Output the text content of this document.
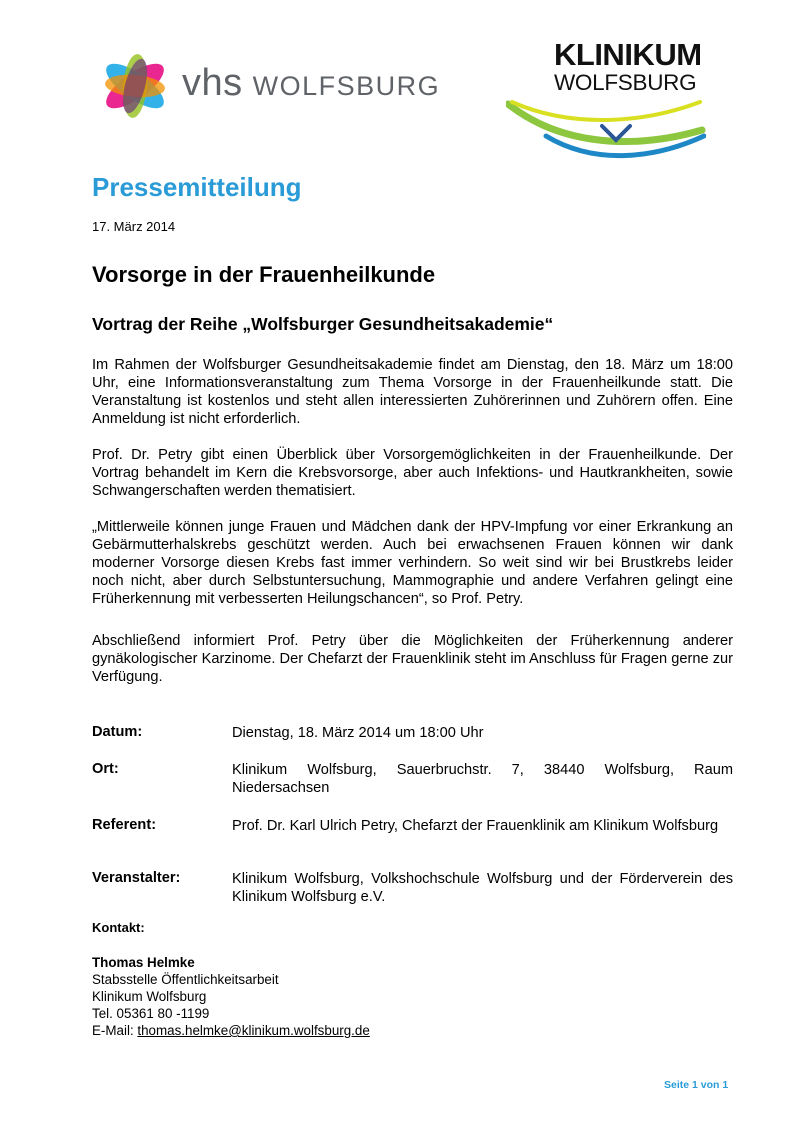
vhs WOLFSBURG
KLINIKUM
WOLFSBURG
Pressemitteilung
17. März 2014
Vorsorge in der Frauenheilkunde
Vortrag der Reihe „Wolfsburger Gesundheitsakademie“
Im Rahmen der Wolfsburger Gesundheitsakademie findet am Dienstag, den 18. März um 18:00 Uhr, eine Informationsveranstaltung zum Thema Vorsorge in der Frauenheilkunde statt. Die Veranstaltung ist kostenlos und steht allen interessierten Zuhörerinnen und Zuhörern offen. Eine Anmeldung ist nicht erforderlich.
Prof. Dr. Petry gibt einen Überblick über Vorsorgemöglichkeiten in der Frauenheilkunde. Der Vortrag behandelt im Kern die Krebsvorsorge, aber auch Infektions- und Hautkrankheiten, sowie Schwangerschaften werden thematisiert.
„Mittlerweile können junge Frauen und Mädchen dank der HPV-Impfung vor einer Erkrankung an Gebärmutterhalskrebs geschützt werden. Auch bei erwachsenen Frauen können wir dank moderner Vorsorge diesen Krebs fast immer verhindern. So weit sind wir bei Brustkrebs leider noch nicht, aber durch Selbstuntersuchung, Mammographie und andere Verfahren gelingt eine Früherkennung mit verbesserten Heilungschancen“, so Prof. Petry.
Abschließend informiert Prof. Petry über die Möglichkeiten der Früherkennung anderer gynäkologischer Karzinome. Der Chefarzt der Frauenklinik steht im Anschluss für Fragen gerne zur Verfügung.
Datum:	Dienstag, 18. März 2014 um 18:00 Uhr
Ort:	Klinikum Wolfsburg, Sauerbruchstr. 7, 38440 Wolfsburg, Raum Niedersachsen
Referent:	Prof. Dr. Karl Ulrich Petry, Chefarzt der Frauenklinik am Klinikum Wolfsburg
Veranstalter:	Klinikum Wolfsburg, Volkshochschule Wolfsburg und der Förderverein des Klinikum Wolfsburg e.V.
Kontakt:
Thomas Helmke
Stabsstelle Öffentlichkeitsarbeit
Klinikum Wolfsburg
Tel. 05361 80 -1199
E-Mail: thomas.helmke@klinikum.wolfsburg.de
Seite 1 von 1
